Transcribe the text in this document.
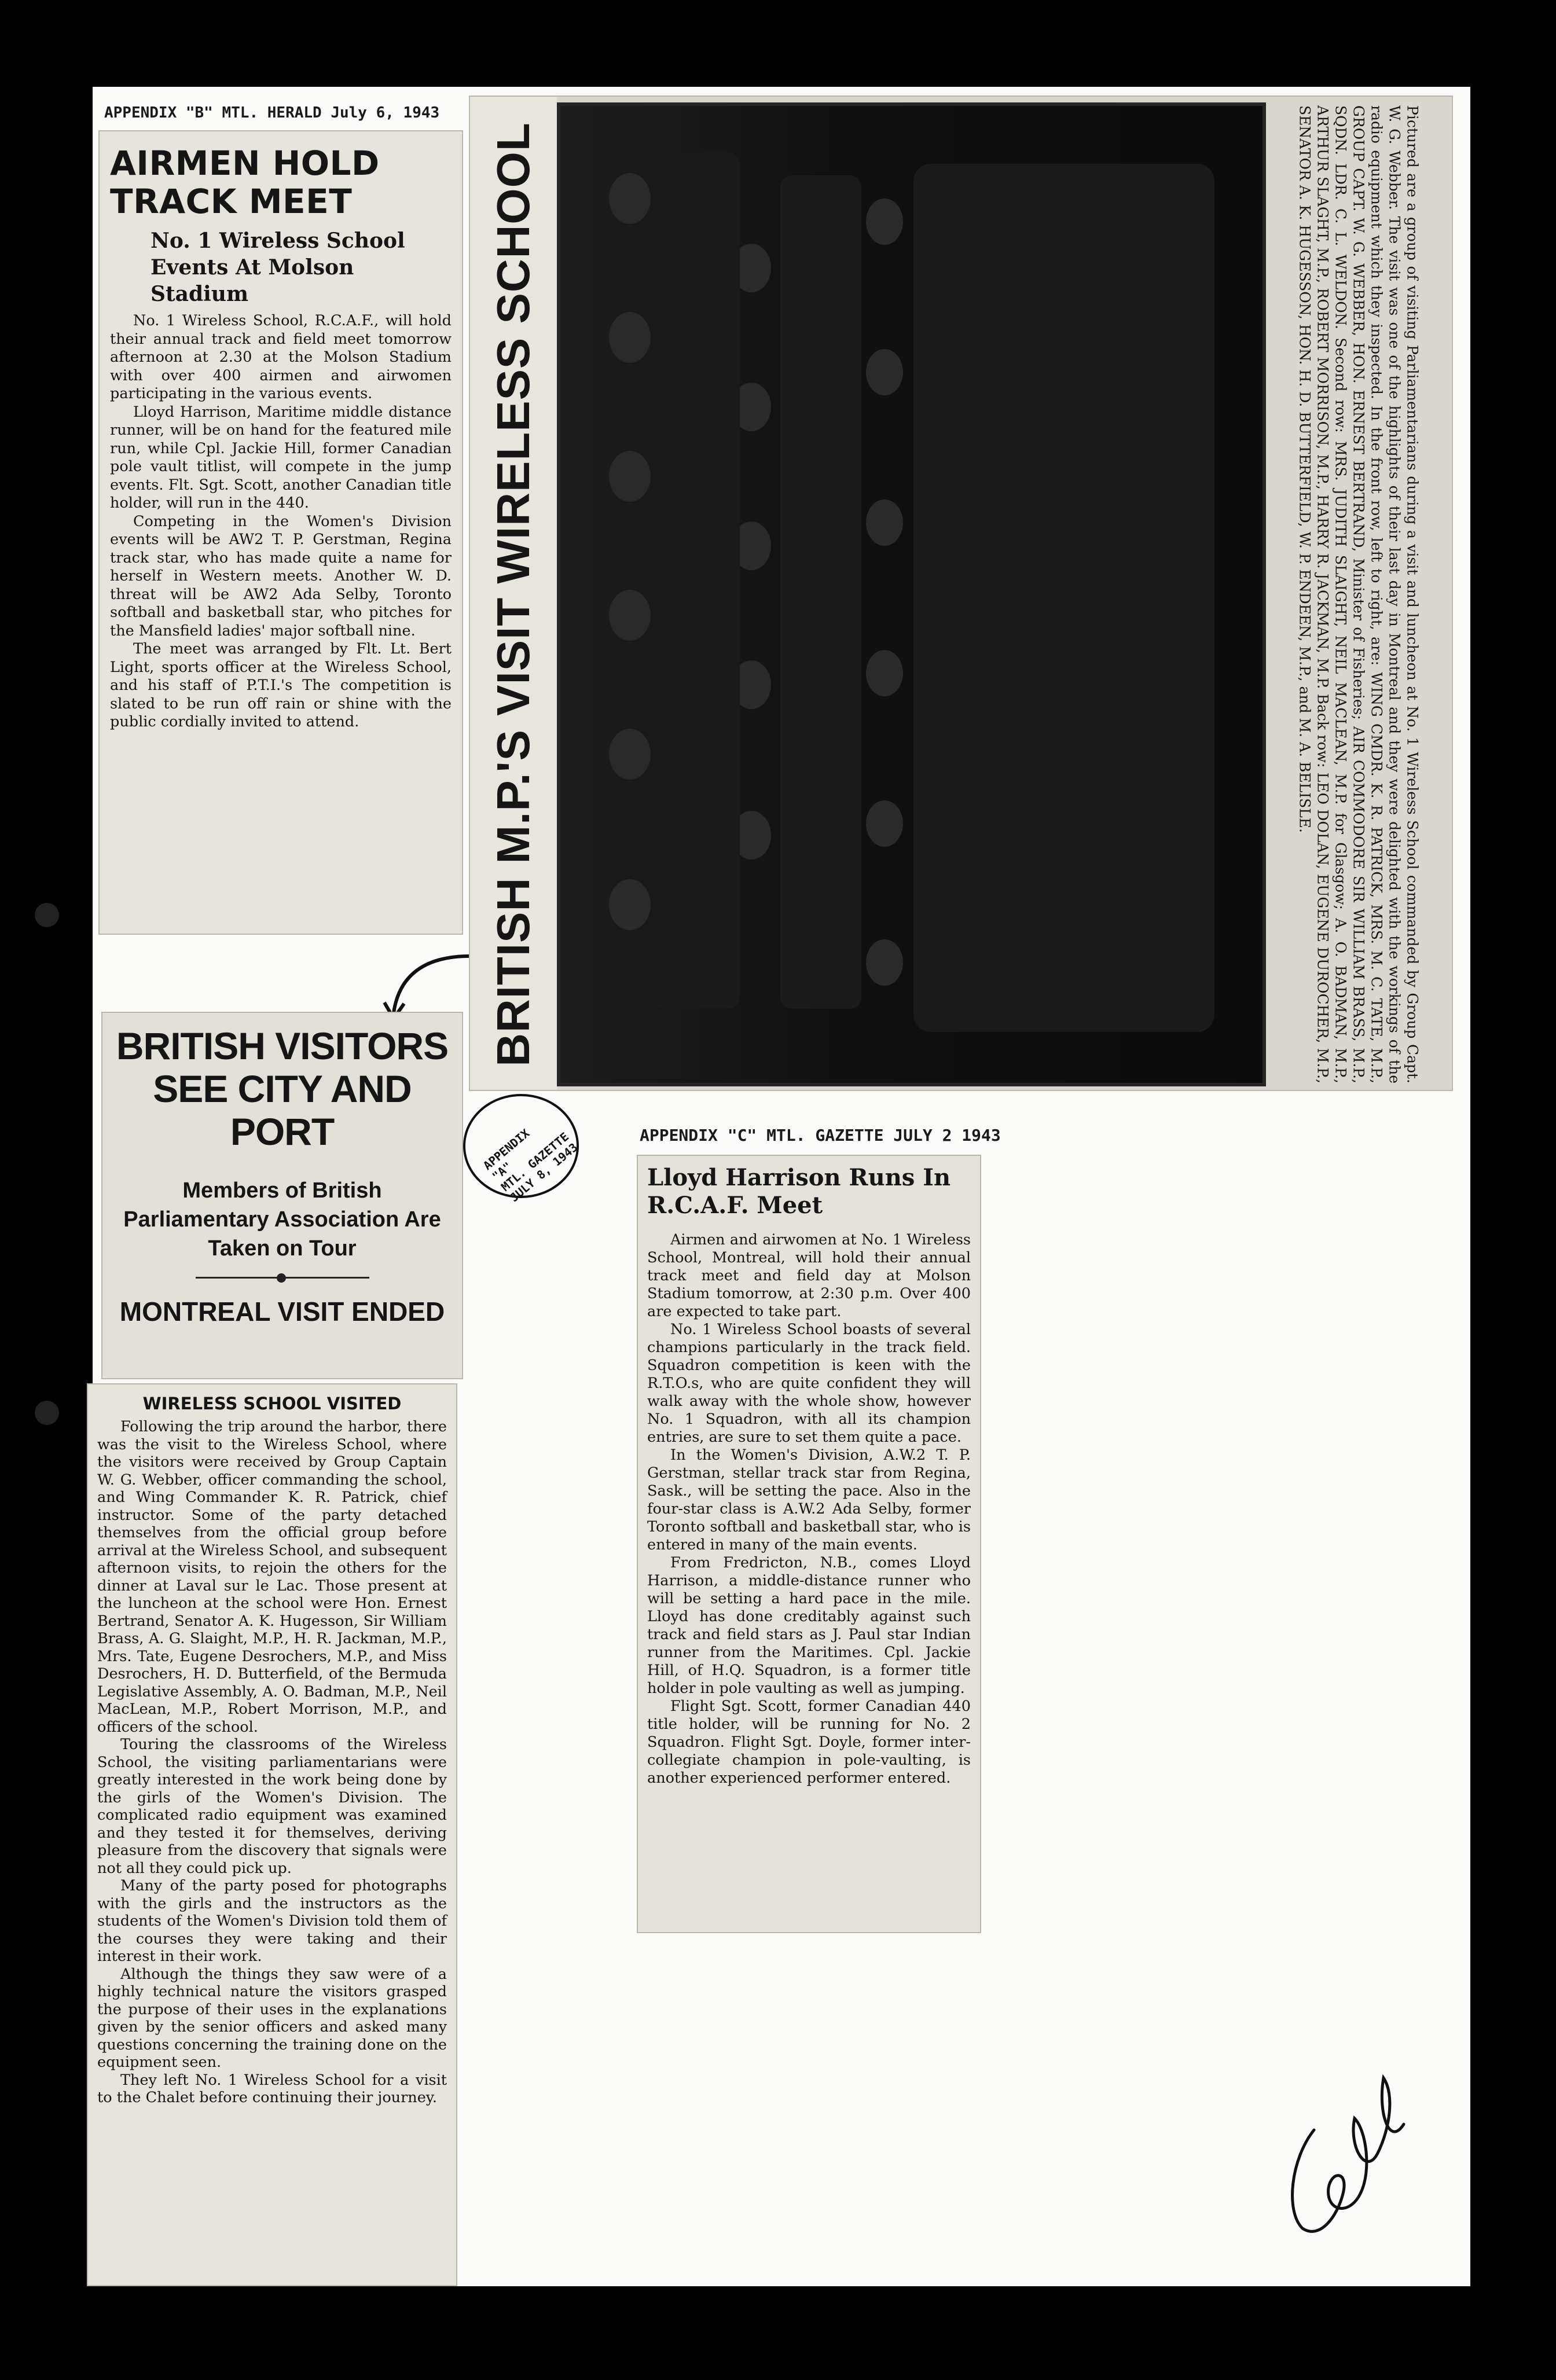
APPENDIX "B" MTL. HERALD July 6, 1943
AIRMEN HOLD TRACK MEET
No. 1 Wireless School Events At Molson Stadium

No. 1 Wireless School, R.C.A.F., will hold their annual track and field meet tomorrow afternoon at 2.30 at the Molson Stadium with over 400 airmen and airwomen participating in the various events.

Lloyd Harrison, Maritime middle distance runner, will be on hand for the featured mile run, while Cpl. Jackie Hill, former Canadian pole vault titlist, will compete in the jump events. Flt. Sgt. Scott, another Canadian title holder, will run in the 440.

Competing in the Women's Division events will be AW2 T. P. Gerstman, Regina track star, who has made quite a name for herself in Western meets. Another W. D. threat will be AW2 Ada Selby, Toronto softball and basketball star, who pitches for the Mansfield ladies' major softball nine.

The meet was arranged by Flt. Lt. Bert Light, sports officer at the Wireless School, and his staff of P.T.I.'s The competition is slated to be run off rain or shine with the public cordially invited to attend.

BRITISH VISITORS SEE CITY AND PORT
Members of British Parliamentary Association Are Taken on Tour
MONTREAL VISIT ENDED
WIRELESS SCHOOL VISITED

Following the trip around the harbor, there was the visit to the Wireless School, where the visitors were received by Group Captain W. G. Webber, officer commanding the school, and Wing Commander K. R. Patrick, chief instructor. Some of the party detached themselves from the official group before arrival at the Wireless School, and subsequent afternoon visits, to rejoin the others for the dinner at Laval sur le Lac. Those present at the luncheon at the school were Hon. Ernest Bertrand, Senator A. K. Hugesson, Sir William Brass, A. G. Slaight, M.P., H. R. Jackman, M.P., Mrs. Tate, Eugene Desrochers, M.P., and Miss Desrochers, H. D. Butterfield, of the Bermuda Legislative Assembly, A. O. Badman, M.P., Neil MacLean, M.P., Robert Morrison, M.P., and officers of the school.

Touring the classrooms of the Wireless School, the visiting parliamentarians were greatly interested in the work being done by the girls of the Women's Division. The complicated radio equipment was examined and they tested it for themselves, deriving pleasure from the discovery that signals were not all they could pick up.

Many of the party posed for photographs with the girls and the instructors as the students of the Women's Division told them of the courses they were taking and their interest in their work.

Although the things they saw were of a highly technical nature the visitors grasped the purpose of their uses in the explanations given by the senior officers and asked many questions concerning the training done on the equipment seen.

They left No. 1 Wireless School for a visit to the Chalet before continuing their journey.

BRITISH M.P.'S VISIT WIRELESS SCHOOL	Pictured are a group of visiting Parliamentarians during a visit and luncheon at No. 1 Wireless School commanded by Group Capt. W. G. Webber. The visit was one of the highlights of their last day in Montreal and they were delighted with the workings of the radio equipment which they inspected. In the front row, left to right, are: WING CMDR. K. R. PATRICK, MRS. M. C. TATE, M.P., GROUP CAPT. W. G. WEBBER, HON. ERNEST BERTRAND, Minister of Fisheries; AIR COMMODORE SIR WILLIAM BRASS, M.P., SQDN. LDR. C. L. WELDON. Second row: MRS. JUDITH SLAIGHT, NEIL MACLEAN, M.P. for Glasgow; A. O. BADMAN, M.P., ARTHUR SLAGHT, M.P., ROBERT MORRISON, M.P., HARRY R. JACKMAN, M.P. Back row: LEO DOLAN, EUGENE DUROCHER, M.P., SENATOR A. K. HUGESSON, HON. H. D. BUTTERFIELD, W. P. ENDEEN, M.P., and M. A. BELISLE.
APPENDIX
"A"
MTL. GAZETTE
JULY 8, 1943
APPENDIX "C" MTL. GAZETTE JULY 2 1943
Lloyd Harrison Runs In R.C.A.F. Meet

Airmen and airwomen at No. 1 Wireless School, Montreal, will hold their annual track meet and field day at Molson Stadium tomorrow, at 2:30 p.m. Over 400 are expected to take part.

No. 1 Wireless School boasts of several champions particularly in the track field. Squadron competition is keen with the R.T.O.s, who are quite confident they will walk away with the whole show, however No. 1 Squadron, with all its champion entries, are sure to set them quite a pace.

In the Women's Division, A.W.2 T. P. Gerstman, stellar track star from Regina, Sask., will be setting the pace. Also in the four-star class is A.W.2 Ada Selby, former Toronto softball and basketball star, who is entered in many of the main events.

From Fredricton, N.B., comes Lloyd Harrison, a middle-distance runner who will be setting a hard pace in the mile. Lloyd has done creditably against such track and field stars as J. Paul star Indian runner from the Maritimes. Cpl. Jackie Hill, of H.Q. Squadron, is a former title holder in pole vaulting as well as jumping.

Flight Sgt. Scott, former Canadian 440 title holder, will be running for No. 2 Squadron. Flight Sgt. Doyle, former inter-collegiate champion in pole-vaulting, is another experienced performer entered.
